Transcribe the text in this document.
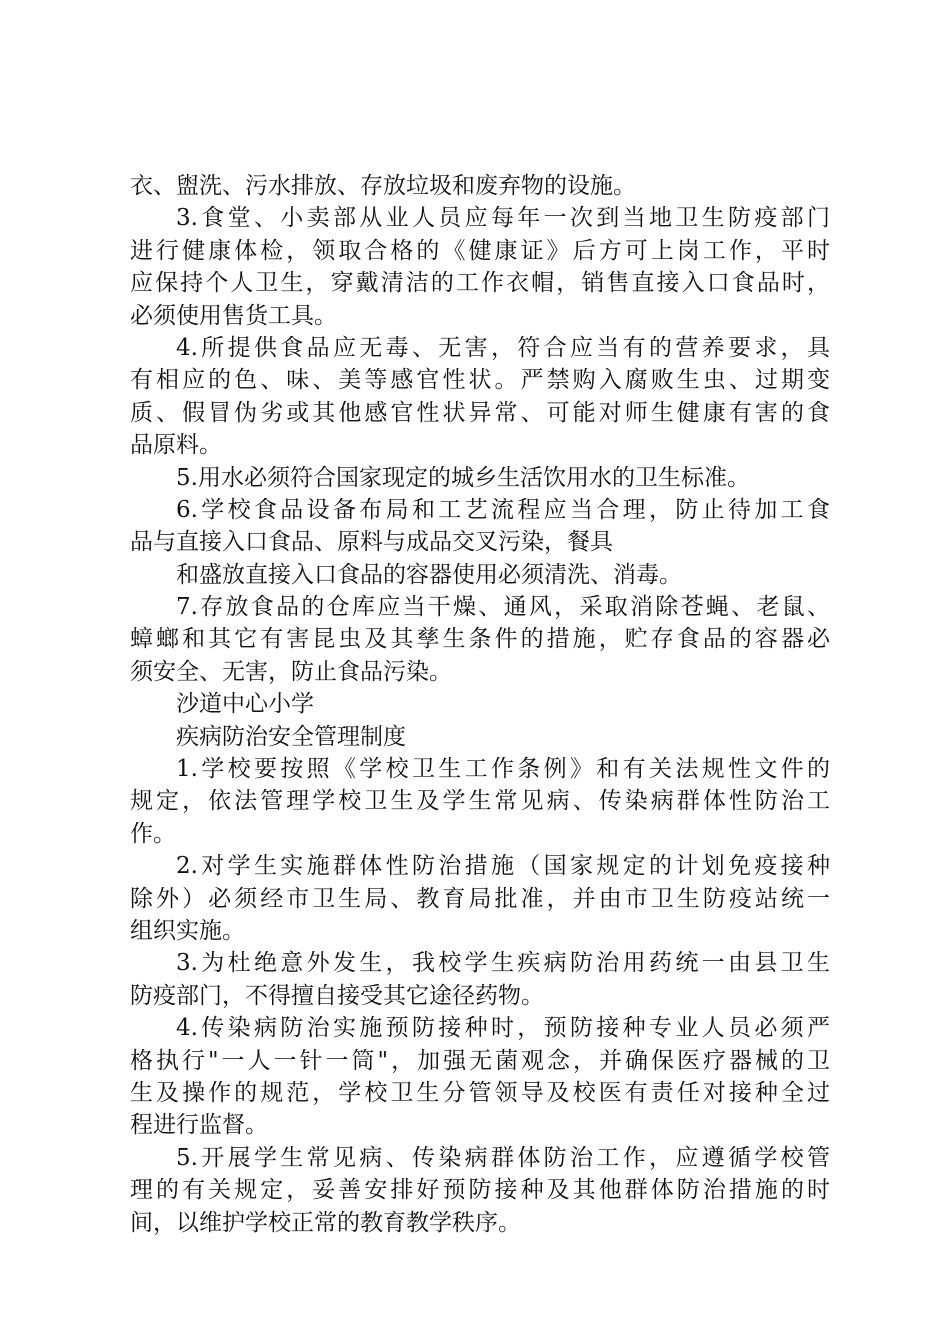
衣、盥洗、污水排放、存放垃圾和废弃物的设施。
3.食堂、小卖部从业人员应每年一次到当地卫生防疫部门
进行健康体检，领取合格的《健康证》后方可上岗工作，平时
应保持个人卫生，穿戴清洁的工作衣帽，销售直接入口食品时，
必须使用售货工具。
4.所提供食品应无毒、无害，符合应当有的营养要求，具
有相应的色、味、美等感官性状。严禁购入腐败生虫、过期变
质、假冒伪劣或其他感官性状异常、可能对师生健康有害的食
品原料。
5.用水必须符合国家现定的城乡生活饮用水的卫生标准。
6.学校食品设备布局和工艺流程应当合理，防止待加工食
品与直接入口食品、原料与成品交叉污染，餐具
和盛放直接入口食品的容器使用必须清洗、消毒。
7.存放食品的仓库应当干燥、通风，采取消除苍蝇、老鼠、
蟑螂和其它有害昆虫及其孳生条件的措施，贮存食品的容器必
须安全、无害，防止食品污染。
沙道中心小学
疾病防治安全管理制度
1.学校要按照《学校卫生工作条例》和有关法规性文件的
规定，依法管理学校卫生及学生常见病、传染病群体性防治工
作。
2.对学生实施群体性防治措施（国家规定的计划免疫接种
除外）必须经市卫生局、教育局批准，并由市卫生防疫站统一
组织实施。
3.为杜绝意外发生，我校学生疾病防治用药统一由县卫生
防疫部门，不得擅自接受其它途径药物。
4.传染病防治实施预防接种时，预防接种专业人员必须严
格执行"一人一针一筒"，加强无菌观念，并确保医疗器械的卫
生及操作的规范，学校卫生分管领导及校医有责任对接种全过
程进行监督。
5.开展学生常见病、传染病群体防治工作，应遵循学校管
理的有关规定，妥善安排好预防接种及其他群体防治措施的时
间，以维护学校正常的教育教学秩序。
